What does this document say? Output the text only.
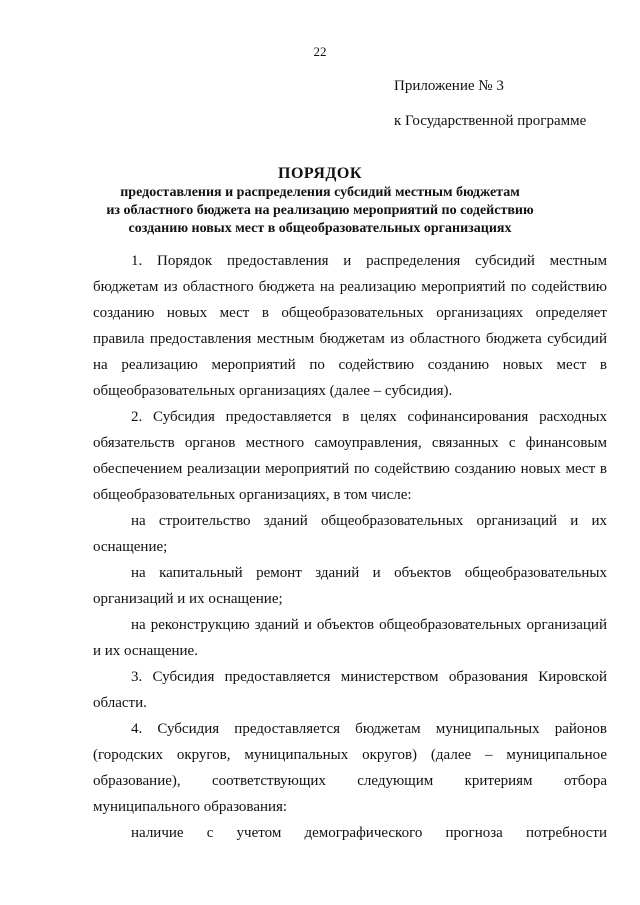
22
Приложение № 3
к Государственной программе
ПОРЯДОК
предоставления и распределения субсидий местным бюджетам
из областного бюджета на реализацию мероприятий по содействию
созданию новых мест в общеобразовательных организациях

1. Порядок предоставления и распределения субсидий местным бюджетам из областного бюджета на реализацию мероприятий по содействию созданию новых мест в общеобразовательных организациях определяет правила предоставления местным бюджетам из областного бюджета субсидий на реализацию мероприятий по содействию созданию новых мест в общеобразовательных организациях (далее – субсидия).

2. Субсидия предоставляется в целях софинансирования расходных обязательств органов местного самоуправления, связанных с финансовым обеспечением реализации мероприятий по содействию созданию новых мест в общеобразовательных организациях, в том числе:

на строительство зданий общеобразовательных организаций и их оснащение;

на капитальный ремонт зданий и объектов общеобразовательных организаций и их оснащение;

на реконструкцию зданий и объектов общеобразовательных организаций и их оснащение.

3. Субсидия предоставляется министерством образования Кировской области.

4. Субсидия предоставляется бюджетам муниципальных районов (городских округов, муниципальных округов) (далее – муниципальное образование), соответствующих следующим критериям отбора муниципального образования:

наличие с учетом демографического прогноза потребности
